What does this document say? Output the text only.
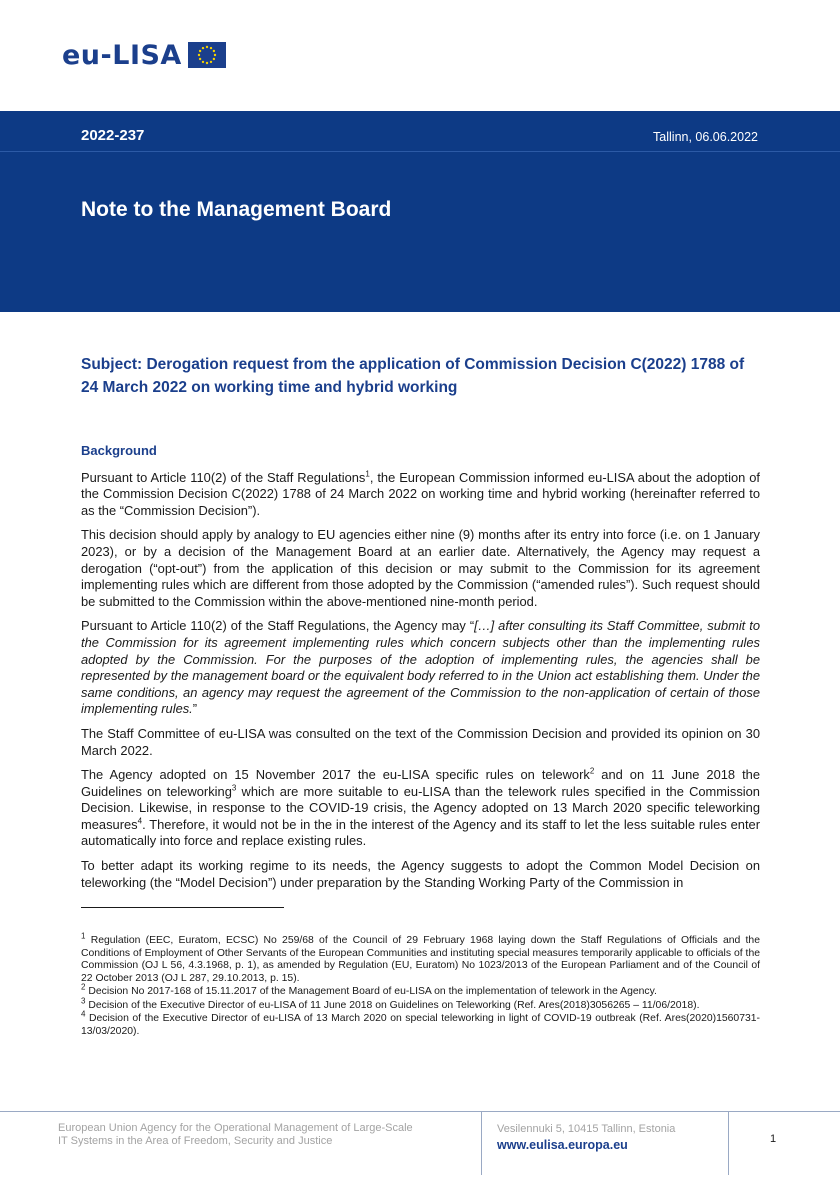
eu-LISA
2022-237	Tallinn, 06.06.2022
Note to the Management Board
Subject: Derogation request from the application of Commission Decision C(2022) 1788 of 24 March 2022 on working time and hybrid working
Background

Pursuant to Article 110(2) of the Staff Regulations$^1$, the European Commission informed eu-LISA about the adoption of the Commission Decision C(2022) 1788 of 24 March 2022 on working time and hybrid working (hereinafter referred to as the “Commission Decision”).

This decision should apply by analogy to EU agencies either nine (9) months after its entry into force (i.e. on 1 January 2023), or by a decision of the Management Board at an earlier date. Alternatively, the Agency may request a derogation (“opt-out”) from the application of this decision or may submit to the Commission for its agreement implementing rules which are different from those adopted by the Commission (“amended rules”). Such request should be submitted to the Commission within the above-mentioned nine-month period.

Pursuant to Article 110(2) of the Staff Regulations, the Agency may “[…] after consulting its Staff Committee, submit to the Commission for its agreement implementing rules which concern subjects other than the implementing rules adopted by the Commission. For the purposes of the adoption of implementing rules, the agencies shall be represented by the management board or the equivalent body referred to in the Union act establishing them. Under the same conditions, an agency may request the agreement of the Commission to the non-application of certain of those implementing rules.”

The Staff Committee of eu-LISA was consulted on the text of the Commission Decision and provided its opinion on 30 March 2022.

The Agency adopted on 15 November 2017 the eu-LISA specific rules on telework$^2$ and on 11 June 2018 the Guidelines on teleworking$^3$ which are more suitable to eu-LISA than the telework rules specified in the Commission Decision. Likewise, in response to the COVID-19 crisis, the Agency adopted on 13 March 2020 specific teleworking measures$^4$. Therefore, it would not be in the in the interest of the Agency and its staff to let the less suitable rules enter automatically into force and replace existing rules.

To better adapt its working regime to its needs, the Agency suggests to adopt the Common Model Decision on teleworking (the “Model Decision”) under preparation by the Standing Working Party of the Commission in

$^1$ Regulation (EEC, Euratom, ECSC) No 259/68 of the Council of 29 February 1968 laying down the Staff Regulations of Officials and the Conditions of Employment of Other Servants of the European Communities and instituting special measures temporarily applicable to officials of the Commission (OJ L 56, 4.3.1968, p. 1), as amended by Regulation (EU, Euratom) No 1023/2013 of the European Parliament and of the Council of 22 October 2013 (OJ L 287, 29.10.2013, p. 15).

$^2$ Decision No 2017-168 of 15.11.2017 of the Management Board of eu-LISA on the implementation of telework in the Agency.

$^3$ Decision of the Executive Director of eu-LISA of 11 June 2018 on Guidelines on Teleworking (Ref. Ares(2018)3056265 – 11/06/2018).

$^4$ Decision of the Executive Director of eu-LISA of 13 March 2020 on special teleworking in light of COVID-19 outbreak (Ref. Ares(2020)1560731-13/03/2020).

European Union Agency for the Operational Management of Large-Scale
IT Systems in the Area of Freedom, Security and Justice
Vesilennuki 5, 10415 Tallinn, Estonia
www.eulisa.europa.eu	1
